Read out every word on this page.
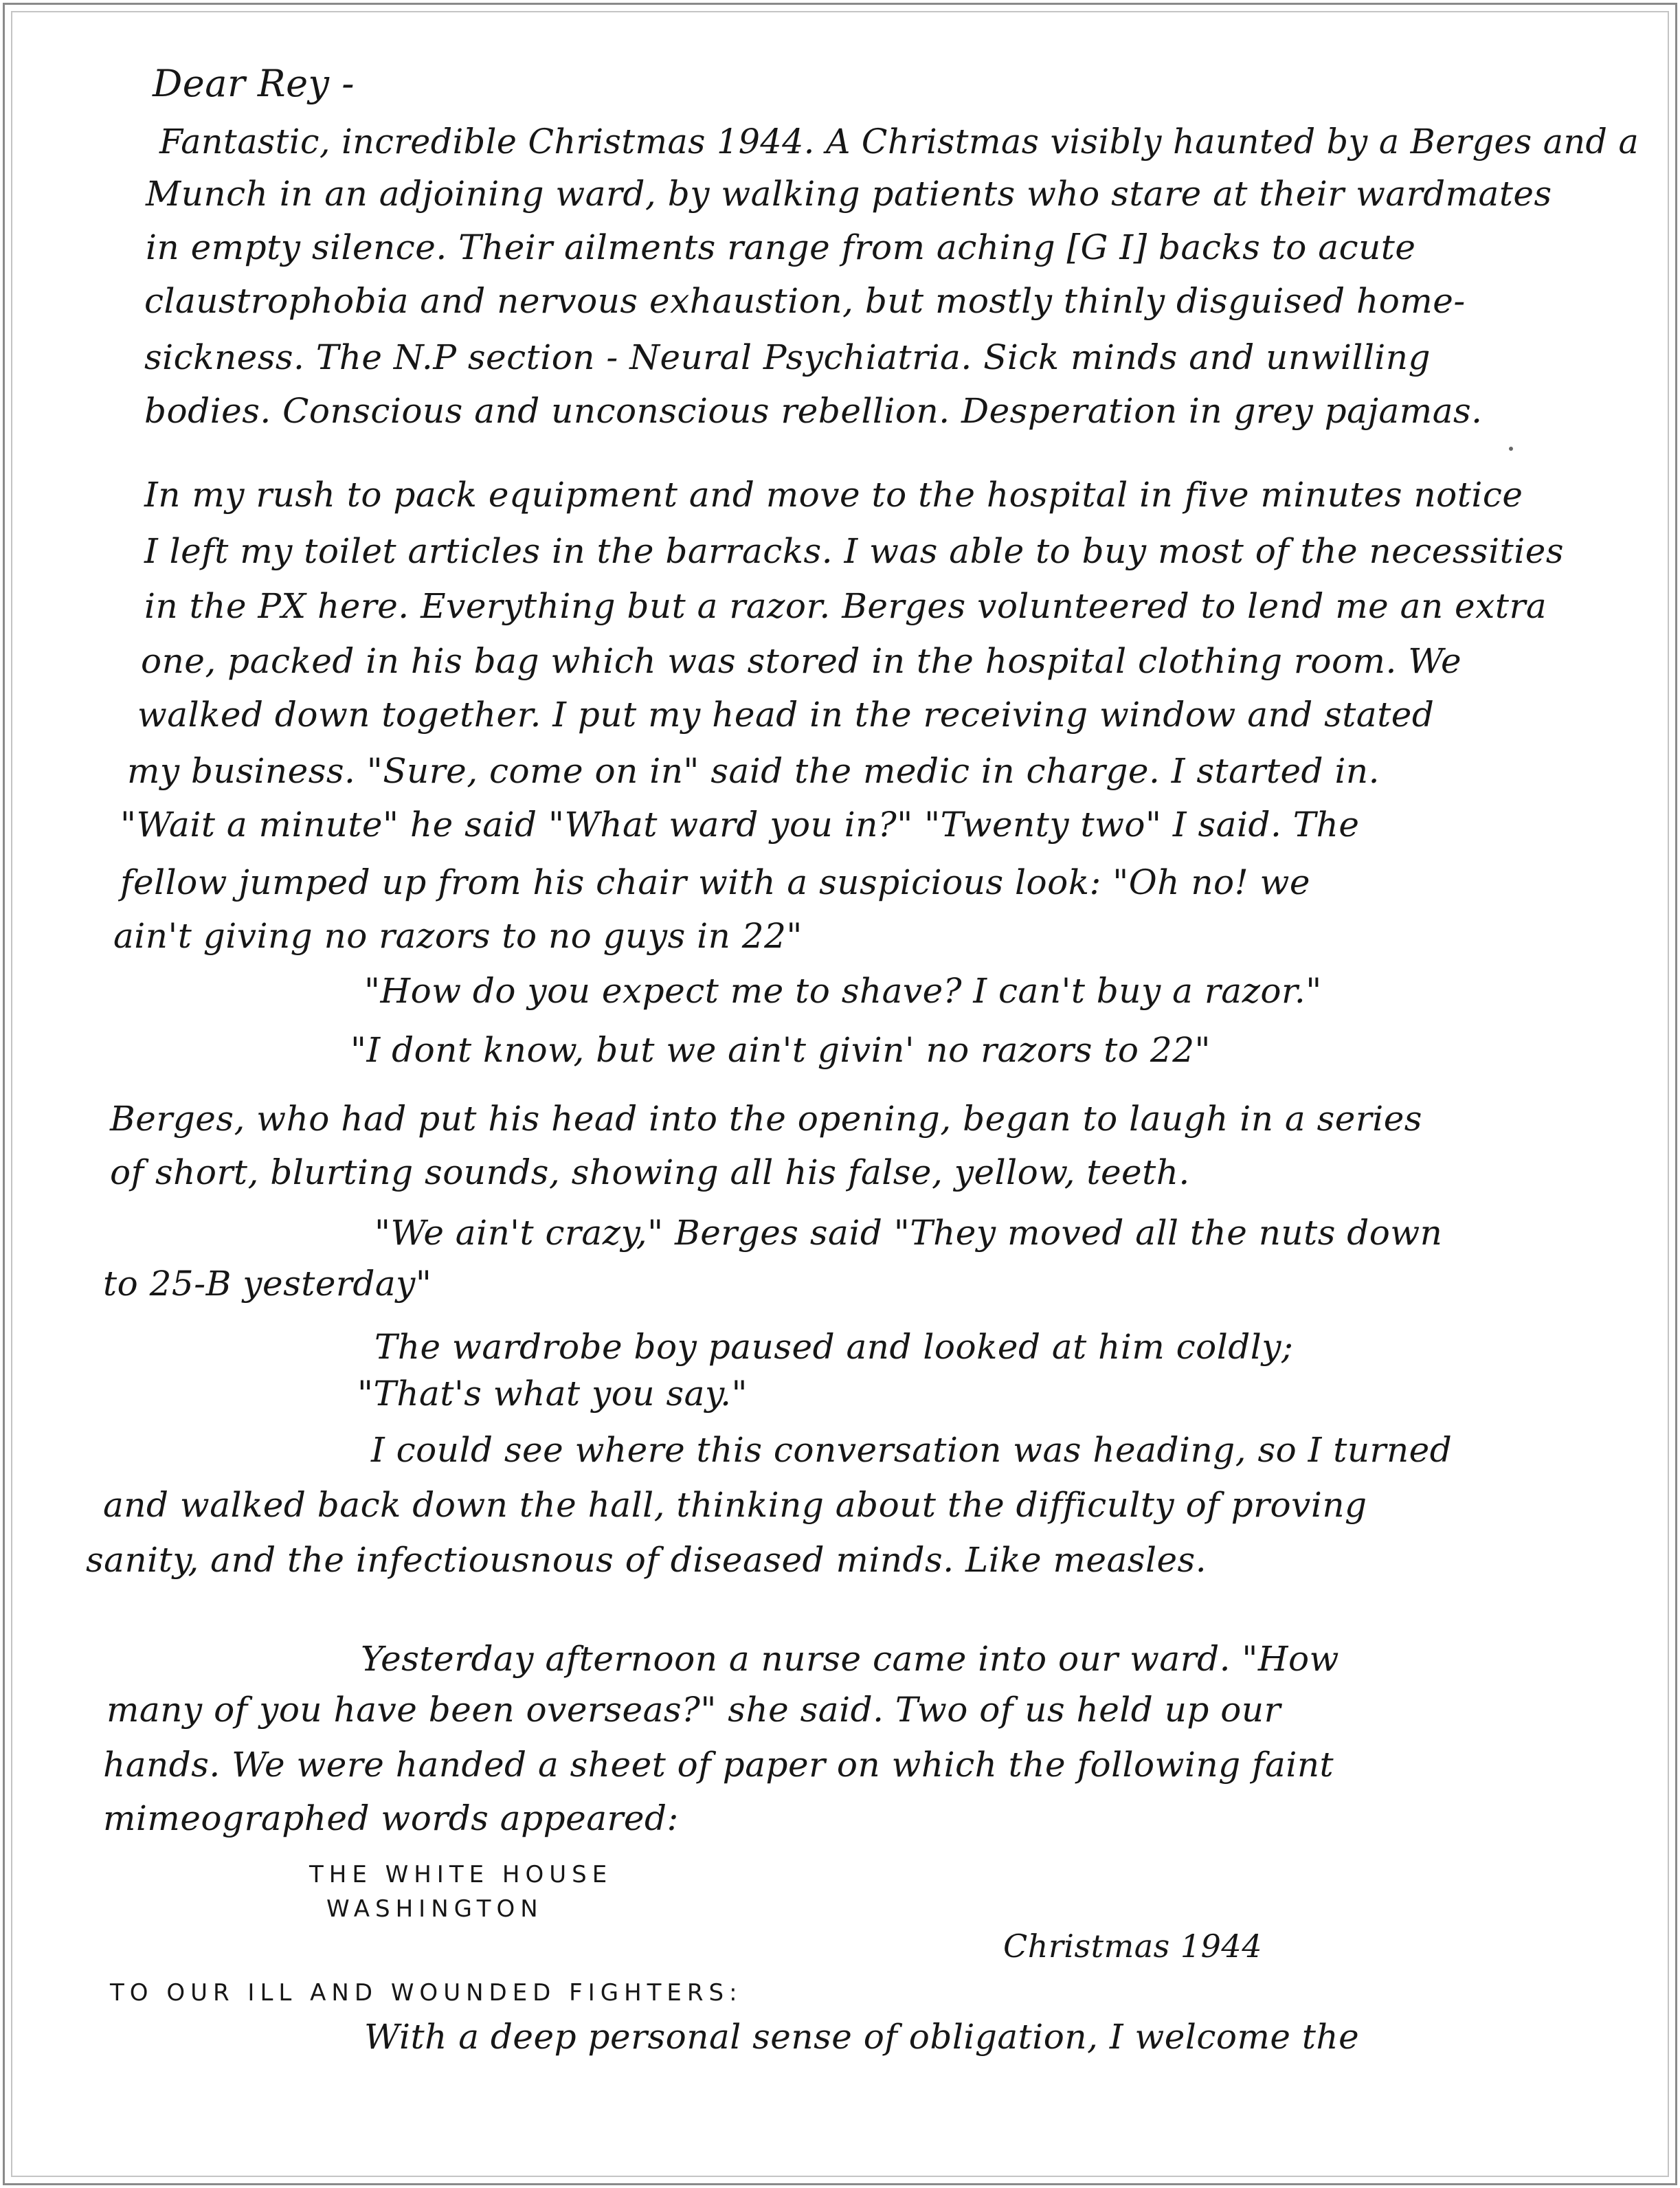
Dear Rey -
Fantastic, incredible Christmas 1944. A Christmas visibly haunted by a Berges and a
Munch in an adjoining ward, by walking patients who stare at their wardmates
in empty silence. Their ailments range from aching [G I] backs to acute
claustrophobia and nervous exhaustion, but mostly thinly disguised home-
sickness. The N.P section - Neural Psychiatria. Sick minds and unwilling
bodies. Conscious and unconscious rebellion. Desperation in grey pajamas.
In my rush to pack equipment and move to the hospital in five minutes notice
I left my toilet articles in the barracks. I was able to buy most of the necessities
in the PX here. Everything but a razor. Berges volunteered to lend me an extra
one, packed in his bag which was stored in the hospital clothing room. We
walked down together. I put my head in the receiving window and stated
my business. "Sure, come on in" said the medic in charge. I started in.
"Wait a minute" he said "What ward you in?" "Twenty two" I said. The
fellow jumped up from his chair with a suspicious look: "Oh no! we
ain't giving no razors to no guys in 22"
"How do you expect me to shave? I can't buy a razor."
"I dont know, but we ain't givin' no razors to 22"
Berges, who had put his head into the opening, began to laugh in a series
of short, blurting sounds, showing all his false, yellow, teeth.
"We ain't crazy," Berges said "They moved all the nuts down
to 25-B yesterday"
The wardrobe boy paused and looked at him coldly;
"That's what you say."
I could see where this conversation was heading, so I turned
and walked back down the hall, thinking about the difficulty of proving
sanity, and the infectiousnous of diseased minds. Like measles.
Yesterday afternoon a nurse came into our ward. "How
many of you have been overseas?" she said. Two of us held up our
hands. We were handed a sheet of paper on which the following faint
mimeographed words appeared:
THE WHITE HOUSE
WASHINGTON
Christmas 1944
TO OUR ILL AND WOUNDED FIGHTERS:
With a deep personal sense of obligation, I welcome the
